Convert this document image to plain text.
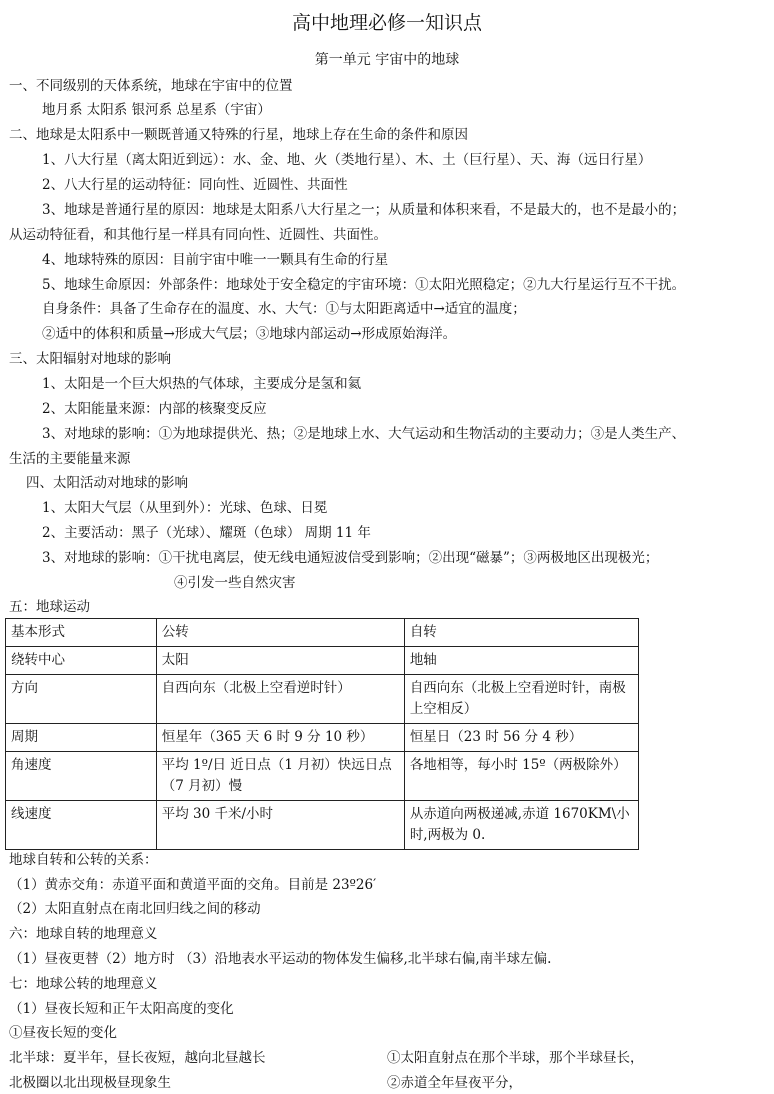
高中地理必修一知识点
第一单元 宇宙中的地球
一、不同级别的天体系统，地球在宇宙中的位置
地月系 太阳系 银河系 总星系（宇宙）
二、地球是太阳系中一颗既普通又特殊的行星，地球上存在生命的条件和原因
1、八大行星（离太阳近到远）：水、金、地、火（类地行星）、木、土（巨行星）、天、海（远日行星）
2、八大行星的运动特征：同向性、近圆性、共面性
3、地球是普通行星的原因：地球是太阳系八大行星之一；从质量和体积来看，不是最大的，也不是最小的；
从运动特征看，和其他行星一样具有同向性、近圆性、共面性。
4、地球特殊的原因：目前宇宙中唯一一颗具有生命的行星
5、地球生命原因：外部条件：地球处于安全稳定的宇宙环境：①太阳光照稳定；②九大行星运行互不干扰。
自身条件：具备了生命存在的温度、水、大气：①与太阳距离适中→适宜的温度；
②适中的体积和质量→形成大气层；③地球内部运动→形成原始海洋。
三、太阳辐射对地球的影响
1、太阳是一个巨大炽热的气体球，主要成分是氢和氦
2、太阳能量来源：内部的核聚变反应
3、对地球的影响：①为地球提供光、热；②是地球上水、大气运动和生物活动的主要动力；③是人类生产、
生活的主要能量来源
四、太阳活动对地球的影响
1、太阳大气层（从里到外）：光球、色球、日冕
2、主要活动：黑子（光球）、耀斑（色球） 周期 11 年
3、对地球的影响：①干扰电离层，使无线电通短波信受到影响；②出现“磁暴”；③两极地区出现极光；
④引发一些自然灾害
五：地球运动
基本形式	公转	自转
绕转中心	太阳	地轴
方向	自西向东（北极上空看逆时针）	自西向东（北极上空看逆时针，南极上空相反）
周期	恒星年（365 天 6 时 9 分 10 秒）	恒星日（23 时 56 分 4 秒）
角速度	平均 1º/日 近日点（1 月初）快远日点（7 月初）慢	各地相等，每小时 15º（两极除外）
线速度	平均 30 千米/小时	从赤道向两极递减,赤道 1670KM\小时,两极为 0.
地球自转和公转的关系：
（1）黄赤交角：赤道平面和黄道平面的交角。目前是 23º26′
（2）太阳直射点在南北回归线之间的移动
六：地球自转的地理意义
（1）昼夜更替（2）地方时 （3）沿地表水平运动的物体发生偏移,北半球右偏,南半球左偏.
七：地球公转的地理意义
（1）昼夜长短和正午太阳高度的变化
①昼夜长短的变化
北半球：夏半年，昼长夜短，越向北昼越长	①太阳直射点在那个半球，那个半球昼长，
北极圈以北出现极昼现象生	②赤道全年昼夜平分，
